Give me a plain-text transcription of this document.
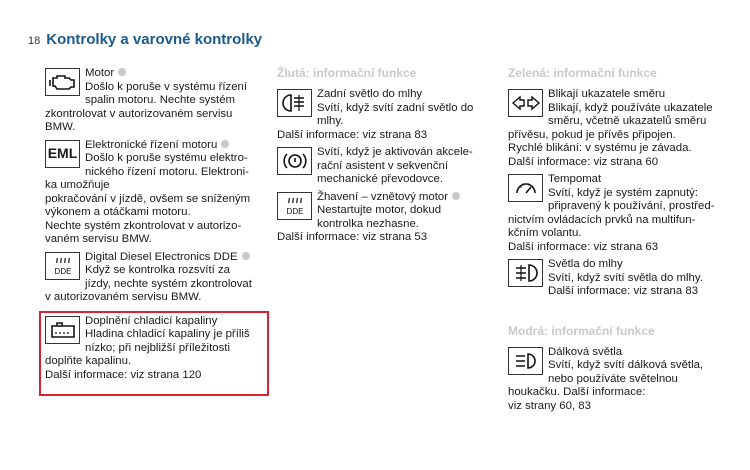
18 Kontrolky a varovné kontrolky
Motor
Došlo k poruše v systému řízení
spalin motoru. Nechte systém
zkontrolovat v autorizovaném servisu
BMW.
EML
Elektronické řízení motoru
Došlo k poruše systému elektro-
nického řízení motoru. Elektroni-
ka umožňuje
pokračování v jízdě, ovšem se sníženým
výkonem a otáčkami motoru.
Nechte systém zkontrolovat v autorizo-
vaném servisu BMW.
DDE
Digital Diesel Electronics DDE
Když se kontrolka rozsvítí za
jízdy, nechte systém zkontrolovat
v autorizovaném servisu BMW.
Doplnění chladicí kapaliny
Hladina chladicí kapaliny je příliš
nízko; při nejbližší příležitosti
doplňte kapalinu.
Další informace: viz strana 120
Žlutá: informační funkce
Zadní světlo do mlhy
Svítí, když svítí zadní světlo do
mlhy.
Další informace: viz strana 83
Svítí, když je aktivován akcele-
rační asistent v sekvenční
mechanické převodovce.
DDE
Žhavení – vznětový motor
Nestartujte motor, dokud
kontrolka nezhasne.
Další informace: viz strana 53
Zelená: informační funkce
Blikají ukazatele směru
Blikají, když používáte ukazatele
směru, včetně ukazatelů směru
přívěsu, pokud je přívěs připojen.
Rychlé blikání: v systému je závada.
Další informace: viz strana 60
Tempomat
Svítí, když je systém zapnutý:
připravený k používání, prostřed-
nictvím ovládacích prvků na multifun-
kčním volantu.
Další informace: viz strana 63
Světla do mlhy
Svítí, když svítí světla do mlhy.
Další informace: viz strana 83
Modrá: informační funkce
Dálková světla
Svítí, když svítí dálková světla,
nebo používáte světelnou
houkačku. Další informace:
viz strany 60, 83
